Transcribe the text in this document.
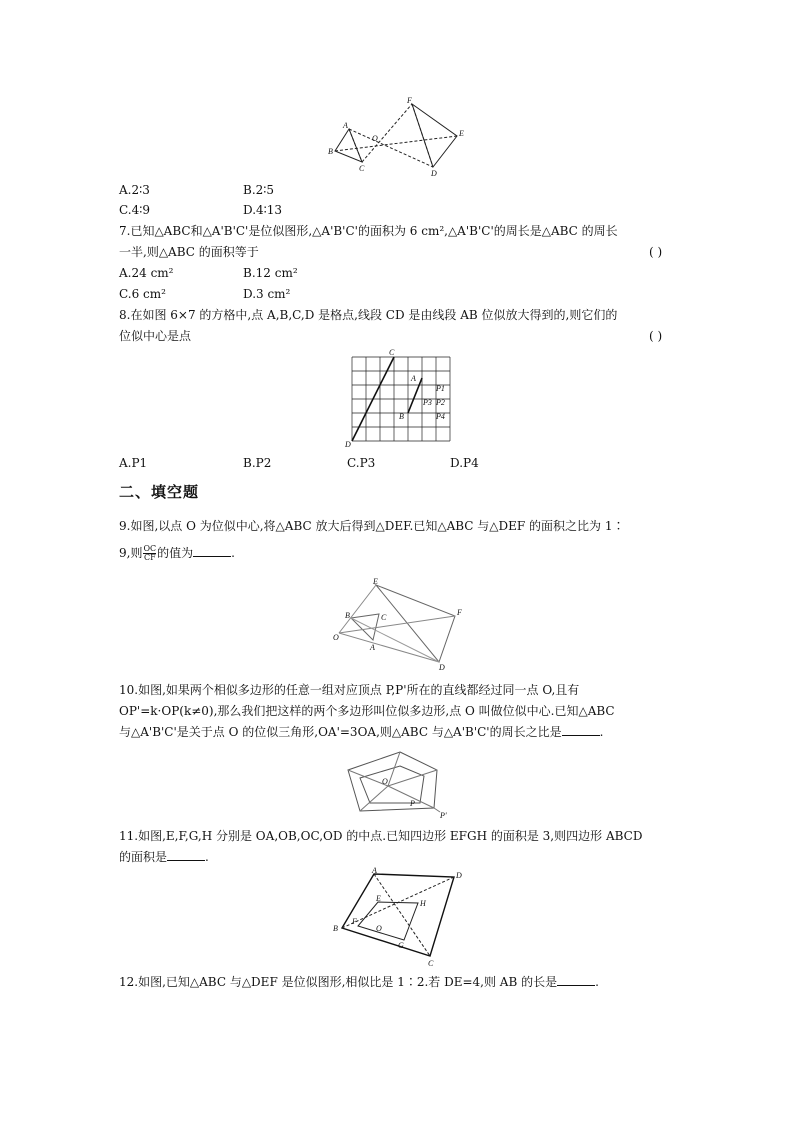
A
B
C
O
F
E
D
A.2∶3	B.2∶5
C.4∶9	D.4∶13
7.已知△ABC和△A'B'C'是位似图形,△A'B'C'的面积为 6 cm²,△A'B'C'的周长是△ABC 的周长
一半,则△ABC 的面积等于	( )
A.24 cm²	B.12 cm²
C.6 cm²	D.3 cm²
8.在如图 6×7 的方格中,点 A,B,C,D 是格点,线段 CD 是由线段 AB 位似放大得到的,则它们的
位似中心是点	( )
C
D
A
B
P1
P3 P2
P4
A.P1	B.P2	C.P3	D.P4
二、填空题
9.如图,以点 O 为位似中心,将△ABC 放大后得到△DEF.已知△ABC 与△DEF 的面积之比为 1∶
9,则 $\frac{OC}{CF}$ 的值为	.
O
B	C
A
E
F
D
10.如图,如果两个相似多边形的任意一组对应顶点 P,P'所在的直线都经过同一点 O,且有
OP'=k·OP(k≠0),那么我们把这样的两个多边形叫位似多边形,点 O 叫做位似中心.已知△ABC
与△A'B'C'是关于点 O 的位似三角形,OA'=3OA,则△ABC 与△A'B'C'的周长之比是	.
O
P
P'
11.如图,E,F,G,H 分别是 OA,OB,OC,OD 的中点.已知四边形 EFGH 的面积是 3,则四边形 ABCD
的面积是	.
A
D
B
C
E
H
F
G
O
12.如图,已知△ABC 与△DEF 是位似图形,相似比是 1∶2.若 DE=4,则 AB 的长是	.
